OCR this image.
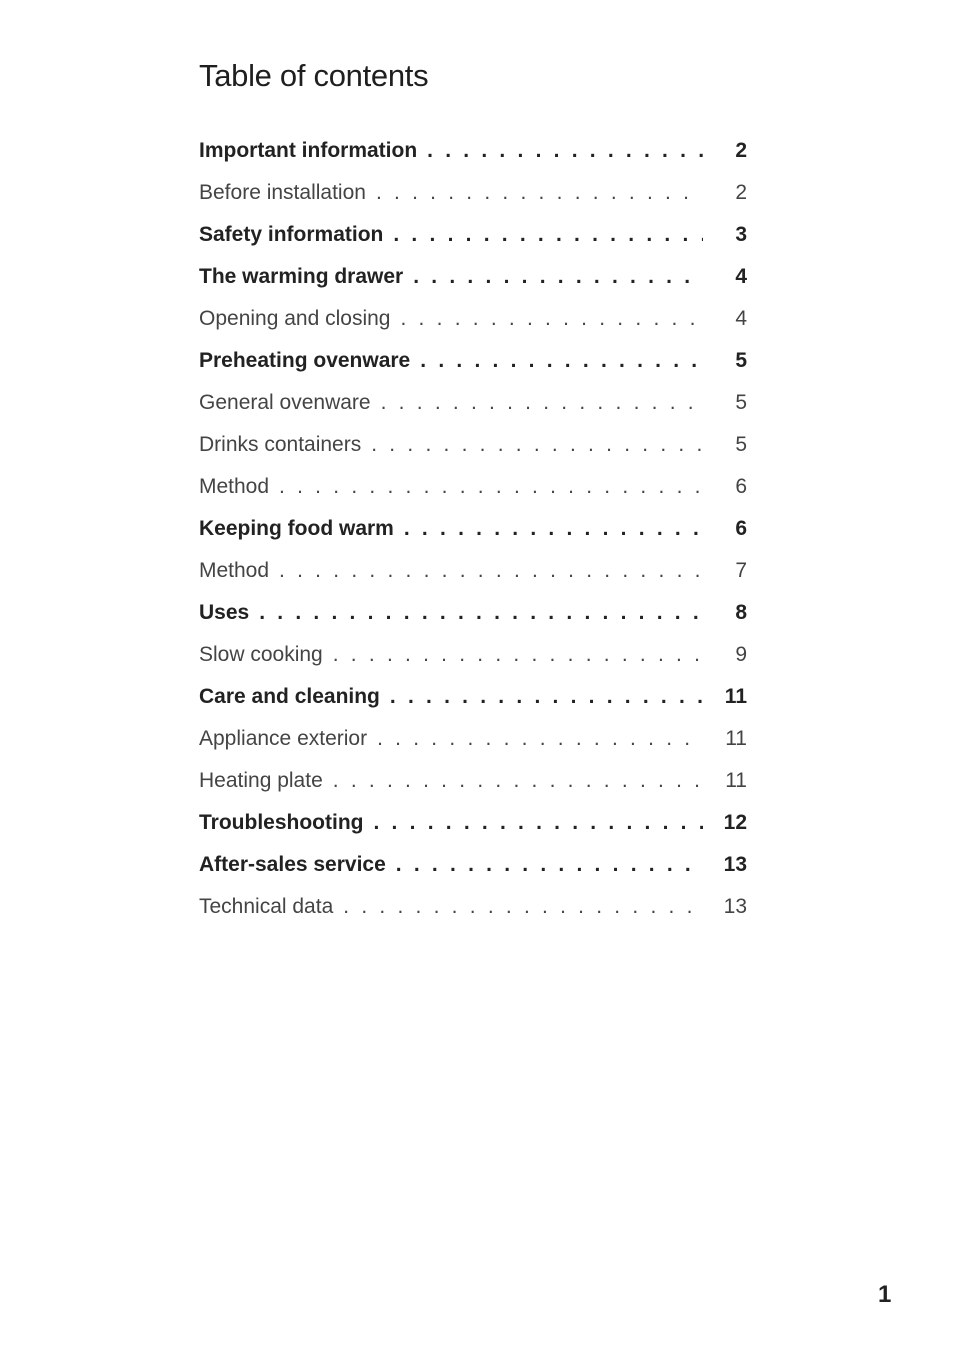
Table of contents
Important information . . .	2
Before installation . . .	2
Safety information . . .	3
The warming drawer . . .	4
Opening and closing . . .	4
Preheating ovenware . . .	5
General ovenware . . .	5
Drinks containers . . .	5
Method . . .	6
Keeping food warm . . .	6
Method . . .	7
Uses . . .	8
Slow cooking . . .	9
Care and cleaning . . .	11
Appliance exterior . . .	11
Heating plate . . .	11
Troubleshooting . . .	12
After-sales service . . .	13
Technical data . . .	13
1
